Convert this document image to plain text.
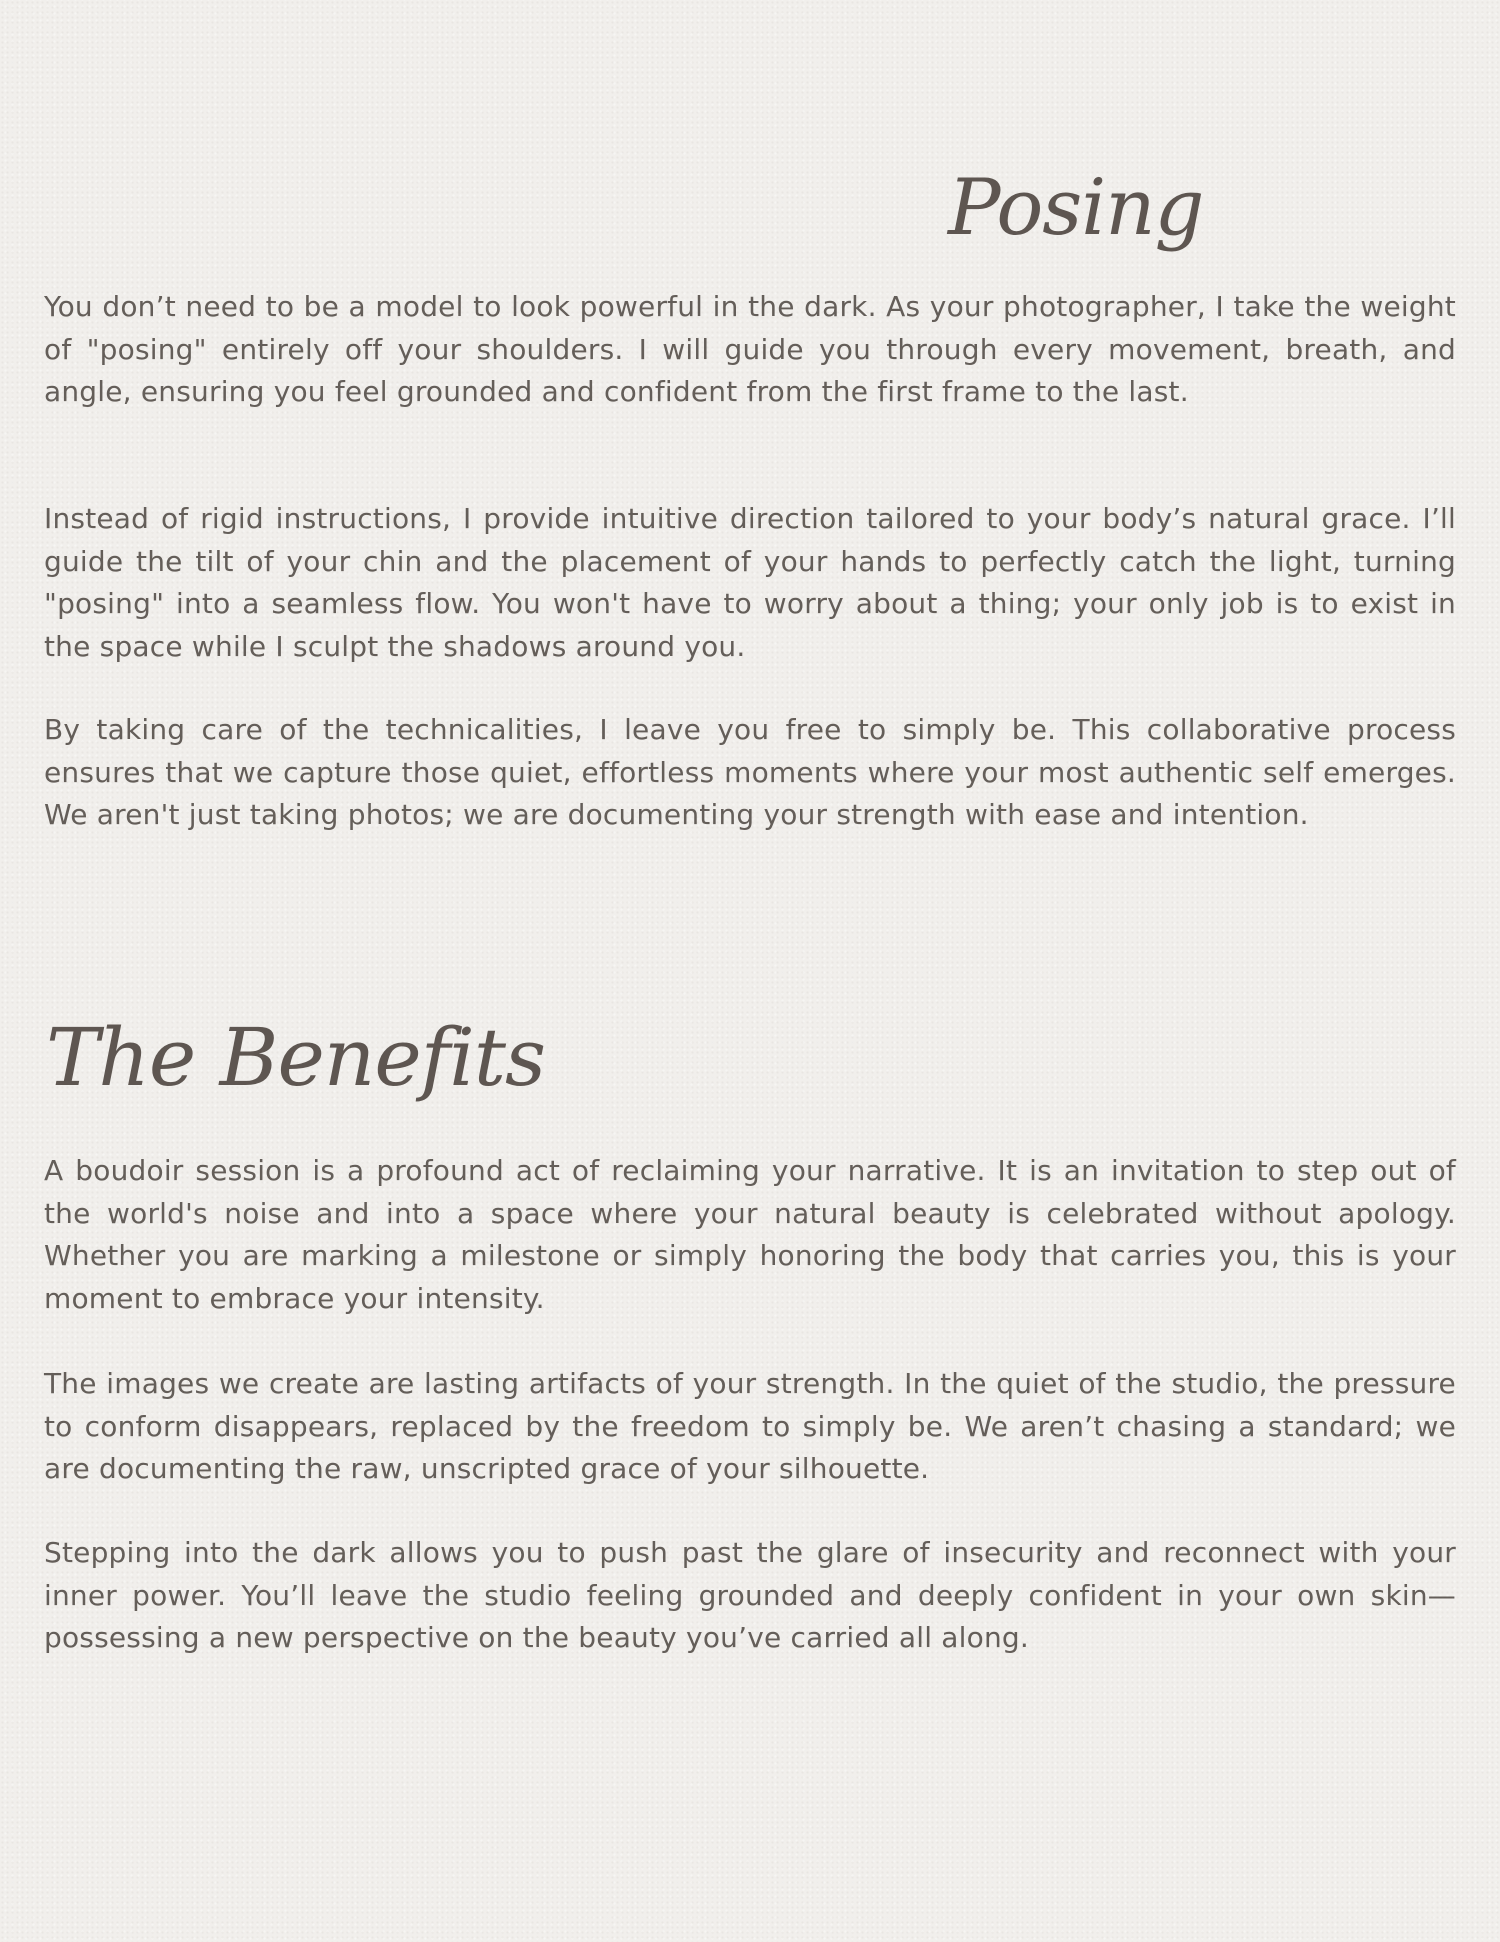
Posing

You don’t need to be a model to look powerful in the dark. As your photographer, I take the weight of "posing" entirely off your shoulders. I will guide you through every movement, breath, and angle, ensuring you feel grounded and confident from the first frame to the last.

Instead of rigid instructions, I provide intuitive direction tailored to your body’s natural grace. I’ll guide the tilt of your chin and the placement of your hands to perfectly catch the light, turning "posing" into a seamless flow. You won't have to worry about a thing; your only job is to exist in the space while I sculpt the shadows around you.

By taking care of the technicalities, I leave you free to simply be. This collaborative process ensures that we capture those quiet, effortless moments where your most authentic self emerges. We aren't just taking photos; we are documenting your strength with ease and intention.

The Benefits

A boudoir session is a profound act of reclaiming your narrative. It is an invitation to step out of the world's noise and into a space where your natural beauty is celebrated without apology. Whether you are marking a milestone or simply honoring the body that carries you, this is your moment to embrace your intensity.

The images we create are lasting artifacts of your strength. In the quiet of the studio, the pressure to conform disappears, replaced by the freedom to simply be. We aren’t chasing a standard; we are documenting the raw, unscripted grace of your silhouette.

Stepping into the dark allows you to push past the glare of insecurity and reconnect with your inner power. You’ll leave the studio feeling grounded and deeply confident in your own skin—possessing a new perspective on the beauty you’ve carried all along.
